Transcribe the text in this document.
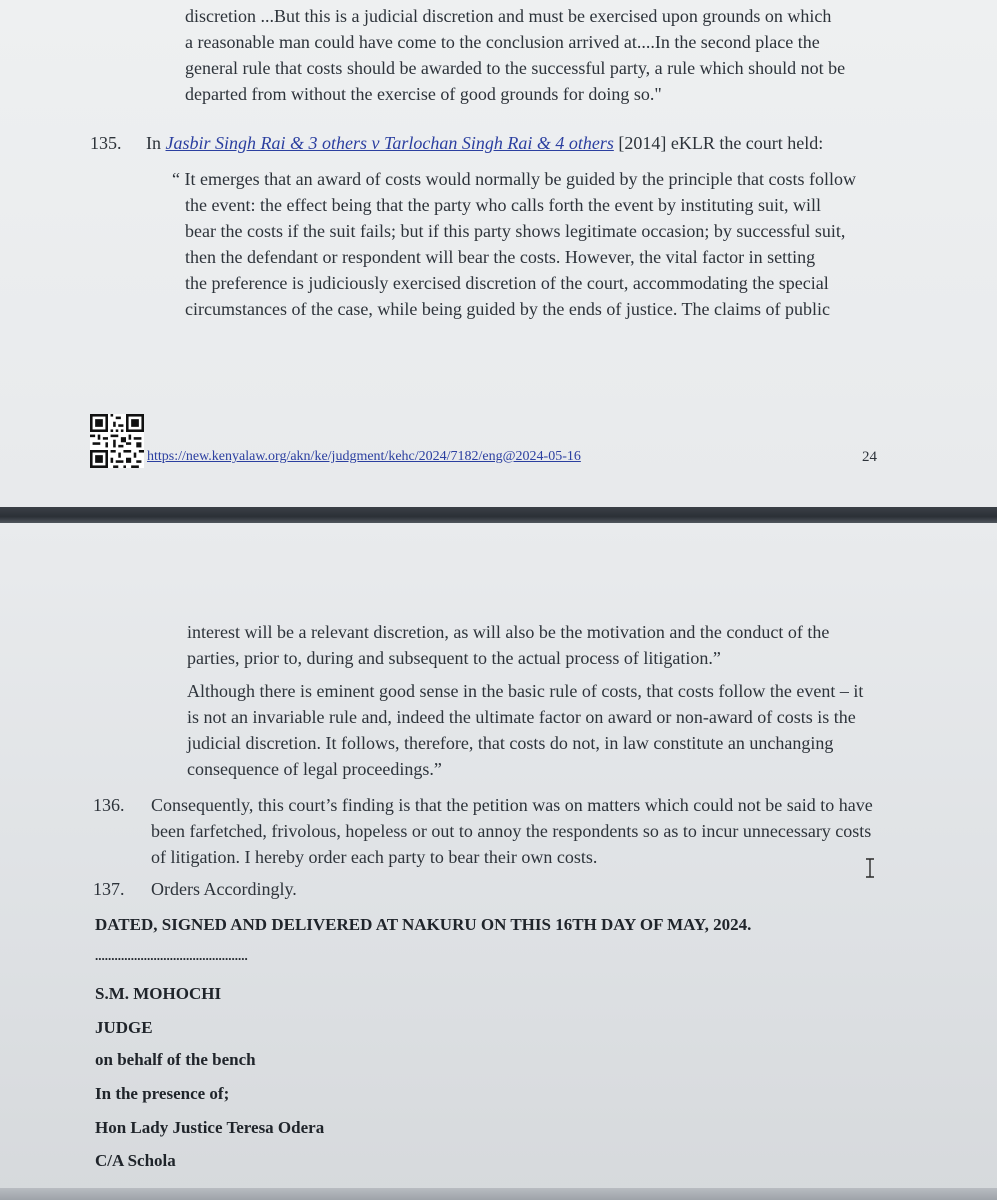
discretion ...But this is a judicial discretion and must be exercised upon grounds on which
a reasonable man could have come to the conclusion arrived at....In the second place the
general rule that costs should be awarded to the successful party, a rule which should not be
departed from without the exercise of good grounds for doing so."
135. In Jasbir Singh Rai & 3 others v Tarlochan Singh Rai & 4 others [2014] eKLR the court held:
“ It emerges that an award of costs would normally be guided by the principle that costs follow
the event: the effect being that the party who calls forth the event by instituting suit, will
bear the costs if the suit fails; but if this party shows legitimate occasion; by successful suit,
then the defendant or respondent will bear the costs. However, the vital factor in setting
the preference is judiciously exercised discretion of the court, accommodating the special
circumstances of the case, while being guided by the ends of justice. The claims of public
https://new.kenyalaw.org/akn/ke/judgment/kehc/2024/7182/eng@2024-05-16	24
interest will be a relevant discretion, as will also be the motivation and the conduct of the
parties, prior to, during and subsequent to the actual process of litigation.”
Although there is eminent good sense in the basic rule of costs, that costs follow the event – it
is not an invariable rule and, indeed the ultimate factor on award or non-award of costs is the
judicial discretion. It follows, therefore, that costs do not, in law constitute an unchanging
consequence of legal proceedings.”
136. Consequently, this court’s finding is that the petition was on matters which could not be said to have
been farfetched, frivolous, hopeless or out to annoy the respondents so as to incur unnecessary costs
of litigation. I hereby order each party to bear their own costs.
137. Orders Accordingly.
DATED, SIGNED AND DELIVERED AT NAKURU ON THIS 16TH DAY OF MAY, 2024.
...............................................
S.M. MOHOCHI
JUDGE
on behalf of the bench
In the presence of;
Hon Lady Justice Teresa Odera
C/A Schola
